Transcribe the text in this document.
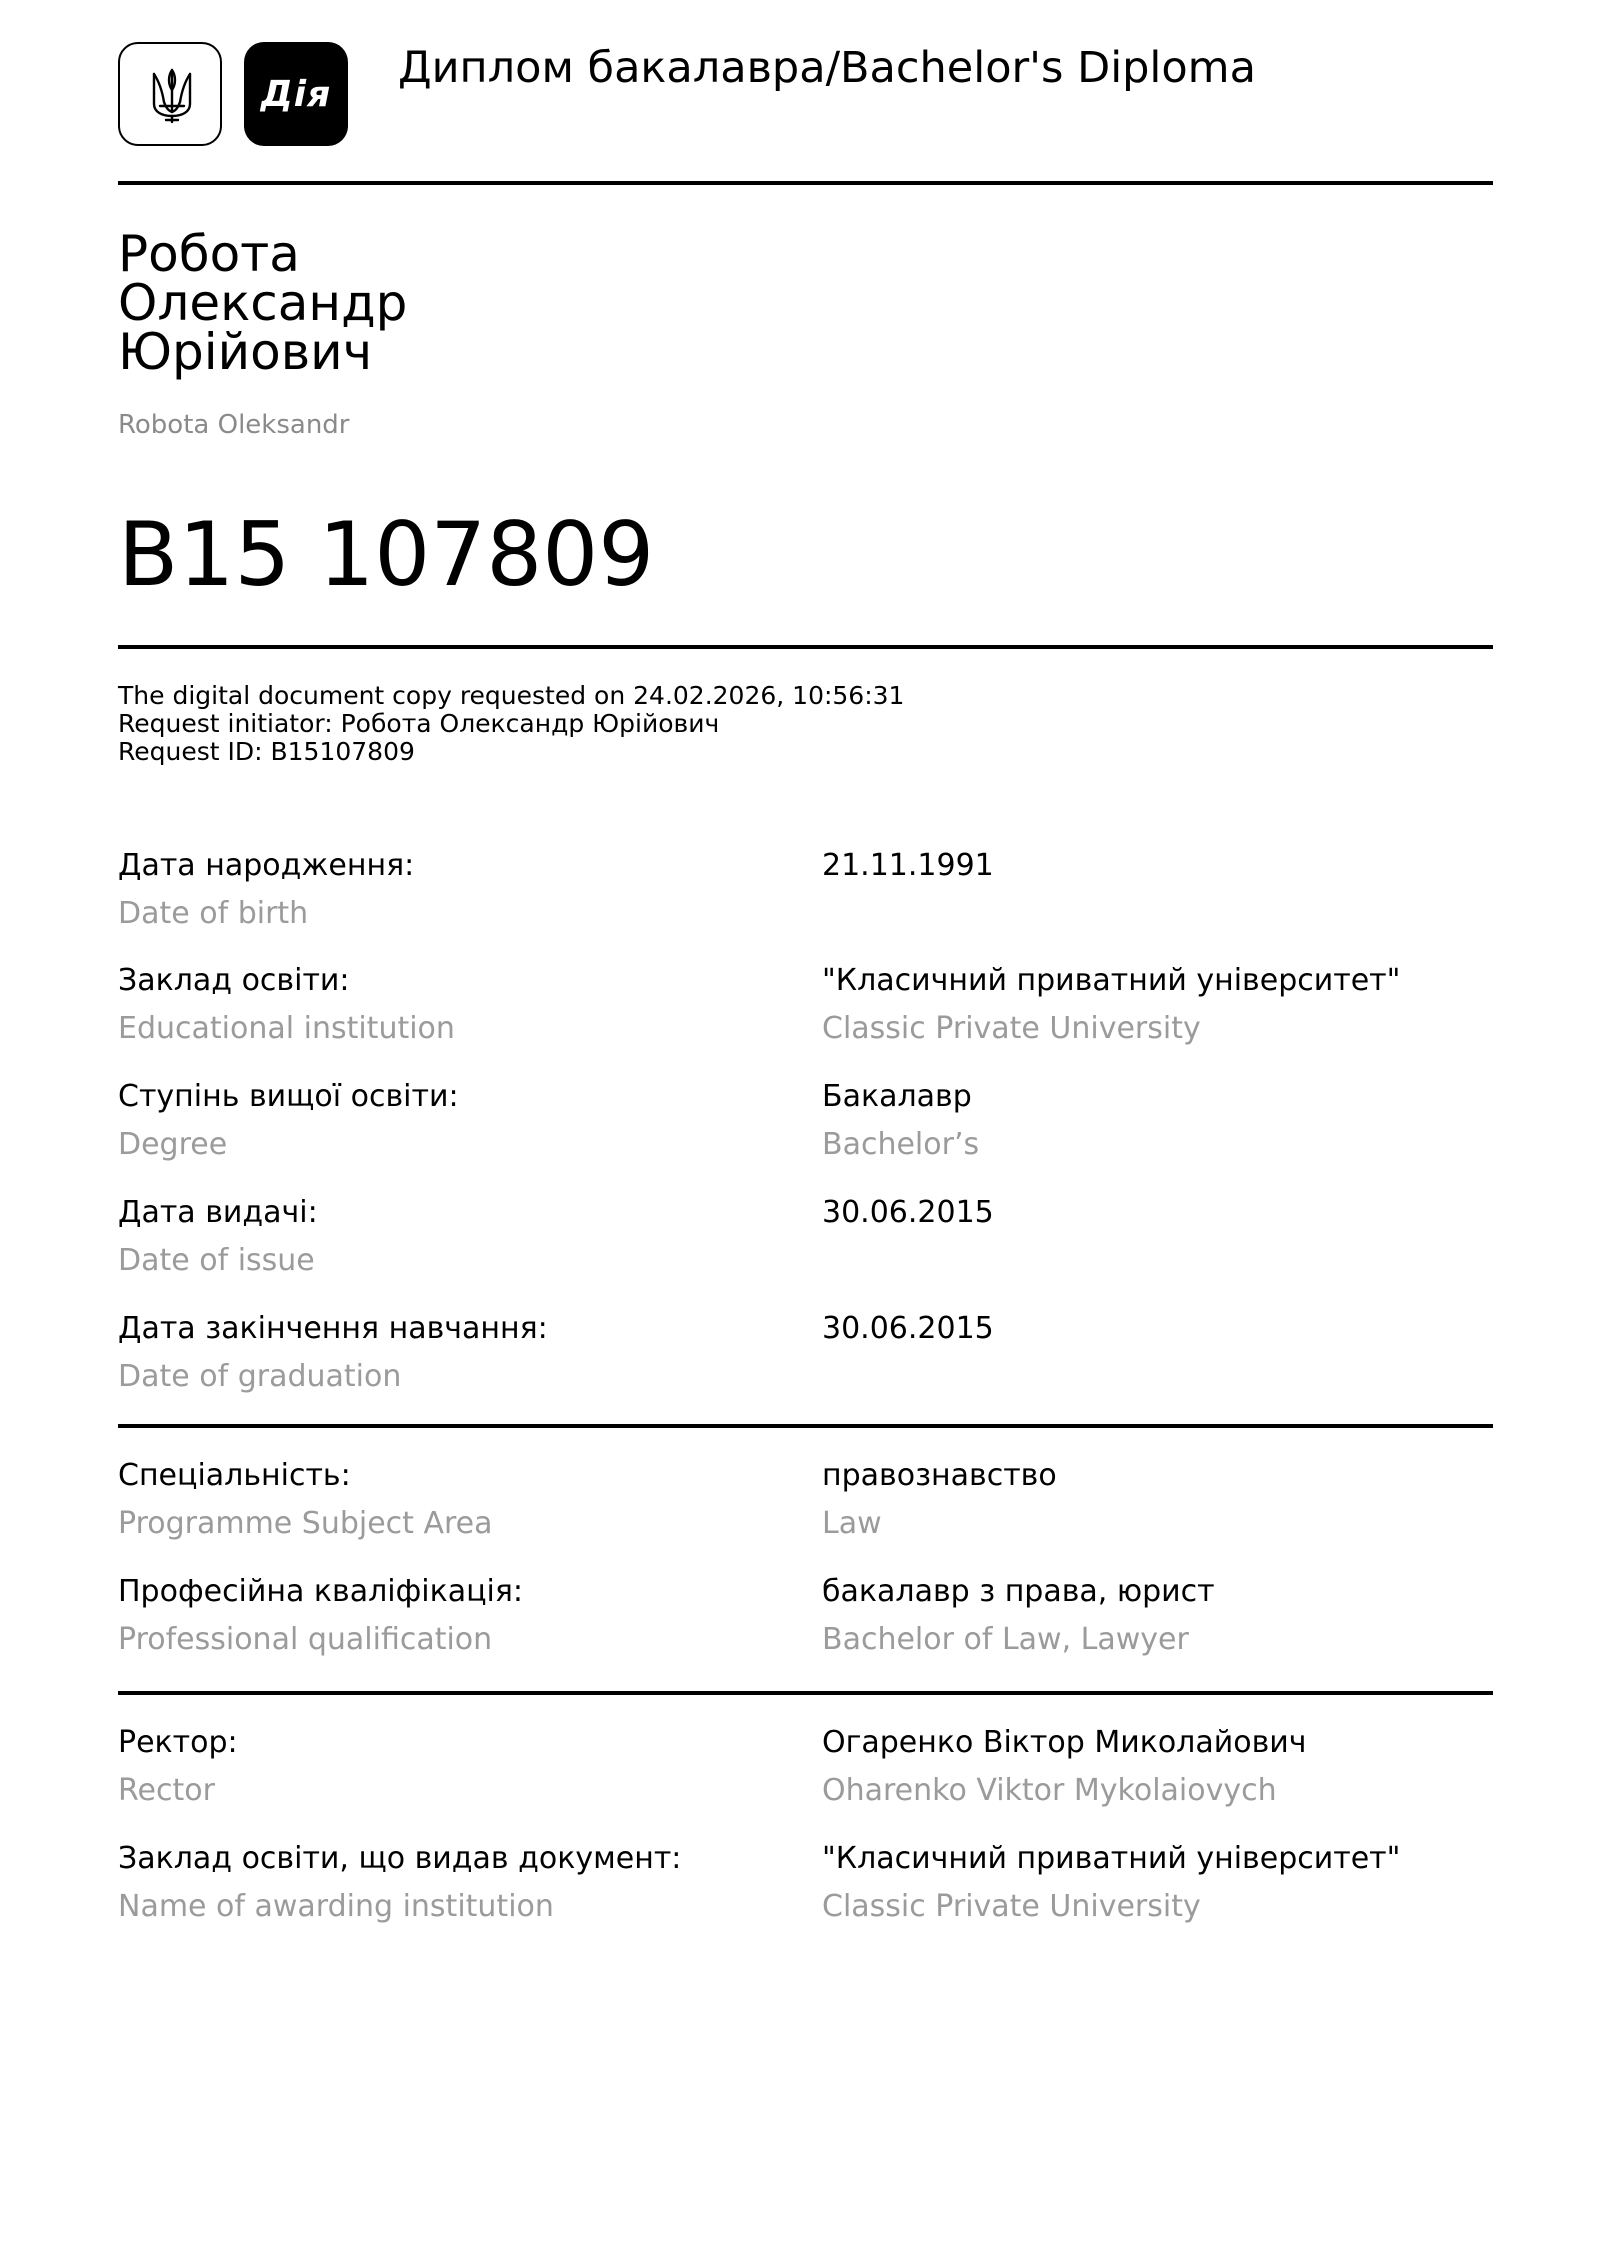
Дія
Диплом бакалавра/Bachelor's Diploma
Робота
Олександр
Юрійович
Robota Oleksandr
B15 107809
The digital document copy requested on 24.02.2026, 10:56:31
Request initiator: Робота Олександр Юрійович
Request ID: B15107809
Дата народження:
Date of birth
21.11.1991
Заклад освіти:
Educational institution
"Класичний приватний університет"
Classic Private University
Ступінь вищої освіти:
Degree
Бакалавр
Bachelor’s
Дата видачі:
Date of issue
30.06.2015
Дата закінчення навчання:
Date of graduation
30.06.2015
Спеціальність:
Programme Subject Area
правознавство
Law
Професійна кваліфікація:
Professional qualification
бакалавр з права, юрист
Bachelor of Law, Lawyer
Ректор:
Rector
Огаренко Віктор Миколайович
Oharenko Viktor Mykolaiovych
Заклад освіти, що видав документ:
Name of awarding institution
"Класичний приватний університет"
Classic Private University
